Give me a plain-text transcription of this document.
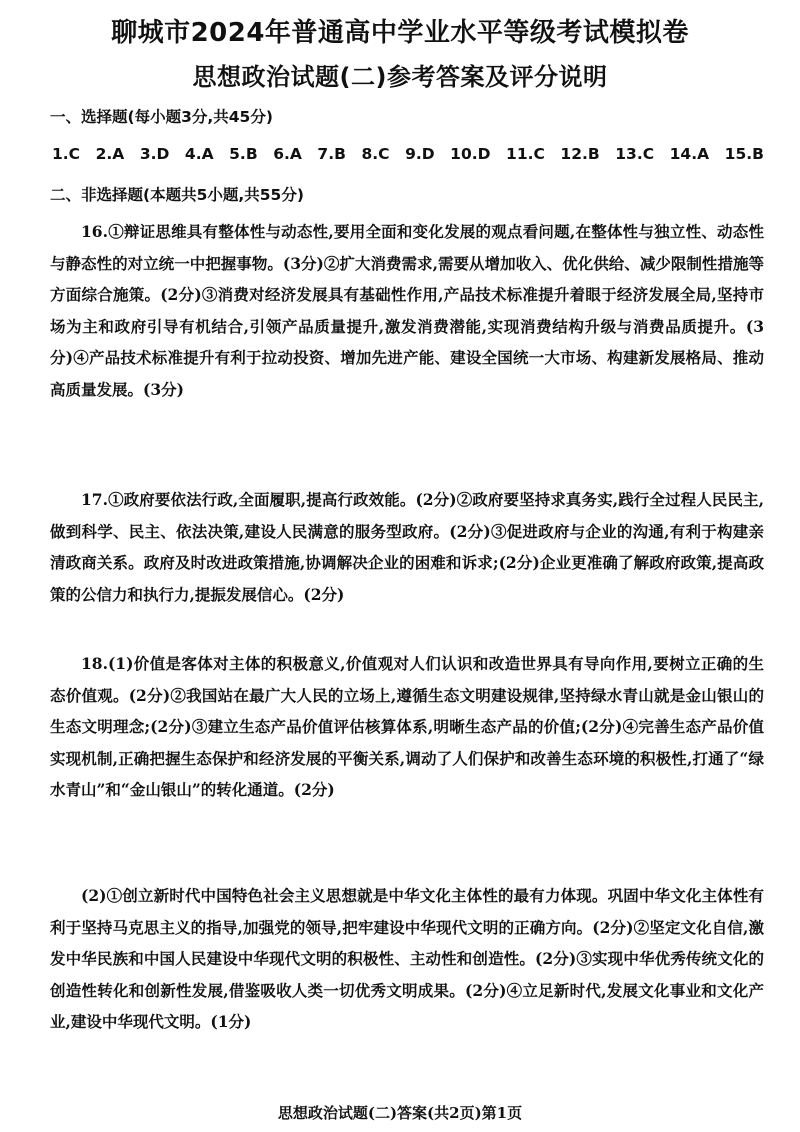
聊城市2024年普通高中学业水平等级考试模拟卷
思想政治试题(二)参考答案及评分说明
一、选择题(每小题3分,共45分)
1.C 2.A 3.D 4.A 5.B 6.A 7.B 8.C 9.D 10.D 11.C 12.B 13.C 14.A 15.B
二、非选择题(本题共5小题,共55分)
16.①辩证思维具有整体性与动态性,要用全面和变化发展的观点看问题,在整体性与独立性、动态性与静态性的对立统一中把握事物。(3分)②扩大消费需求,需要从增加收入、优化供给、减少限制性措施等方面综合施策。(2分)③消费对经济发展具有基础性作用,产品技术标准提升着眼于经济发展全局,坚持市场为主和政府引导有机结合,引领产品质量提升,激发消费潜能,实现消费结构升级与消费品质提升。(3分)④产品技术标准提升有利于拉动投资、增加先进产能、建设全国统一大市场、构建新发展格局、推动高质量发展。(3分)
17.①政府要依法行政,全面履职,提高行政效能。(2分)②政府要坚持求真务实,践行全过程人民民主,做到科学、民主、依法决策,建设人民满意的服务型政府。(2分)③促进政府与企业的沟通,有利于构建亲清政商关系。政府及时改进政策措施,协调解决企业的困难和诉求;(2分)企业更准确了解政府政策,提高政策的公信力和执行力,提振发展信心。(2分)
18.(1)价值是客体对主体的积极意义,价值观对人们认识和改造世界具有导向作用,要树立正确的生态价值观。(2分)②我国站在最广大人民的立场上,遵循生态文明建设规律,坚持绿水青山就是金山银山的生态文明理念;(2分)③建立生态产品价值评估核算体系,明晰生态产品的价值;(2分)④完善生态产品价值实现机制,正确把握生态保护和经济发展的平衡关系,调动了人们保护和改善生态环境的积极性,打通了“绿水青山”和“金山银山”的转化通道。(2分)
(2)①创立新时代中国特色社会主义思想就是中华文化主体性的最有力体现。巩固中华文化主体性有利于坚持马克思主义的指导,加强党的领导,把牢建设中华现代文明的正确方向。(2分)②坚定文化自信,激发中华民族和中国人民建设中华现代文明的积极性、主动性和创造性。(2分)③实现中华优秀传统文化的创造性转化和创新性发展,借鉴吸收人类一切优秀文明成果。(2分)④立足新时代,发展文化事业和文化产业,建设中华现代文明。(1分)
思想政治试题(二)答案(共2页)第1页
